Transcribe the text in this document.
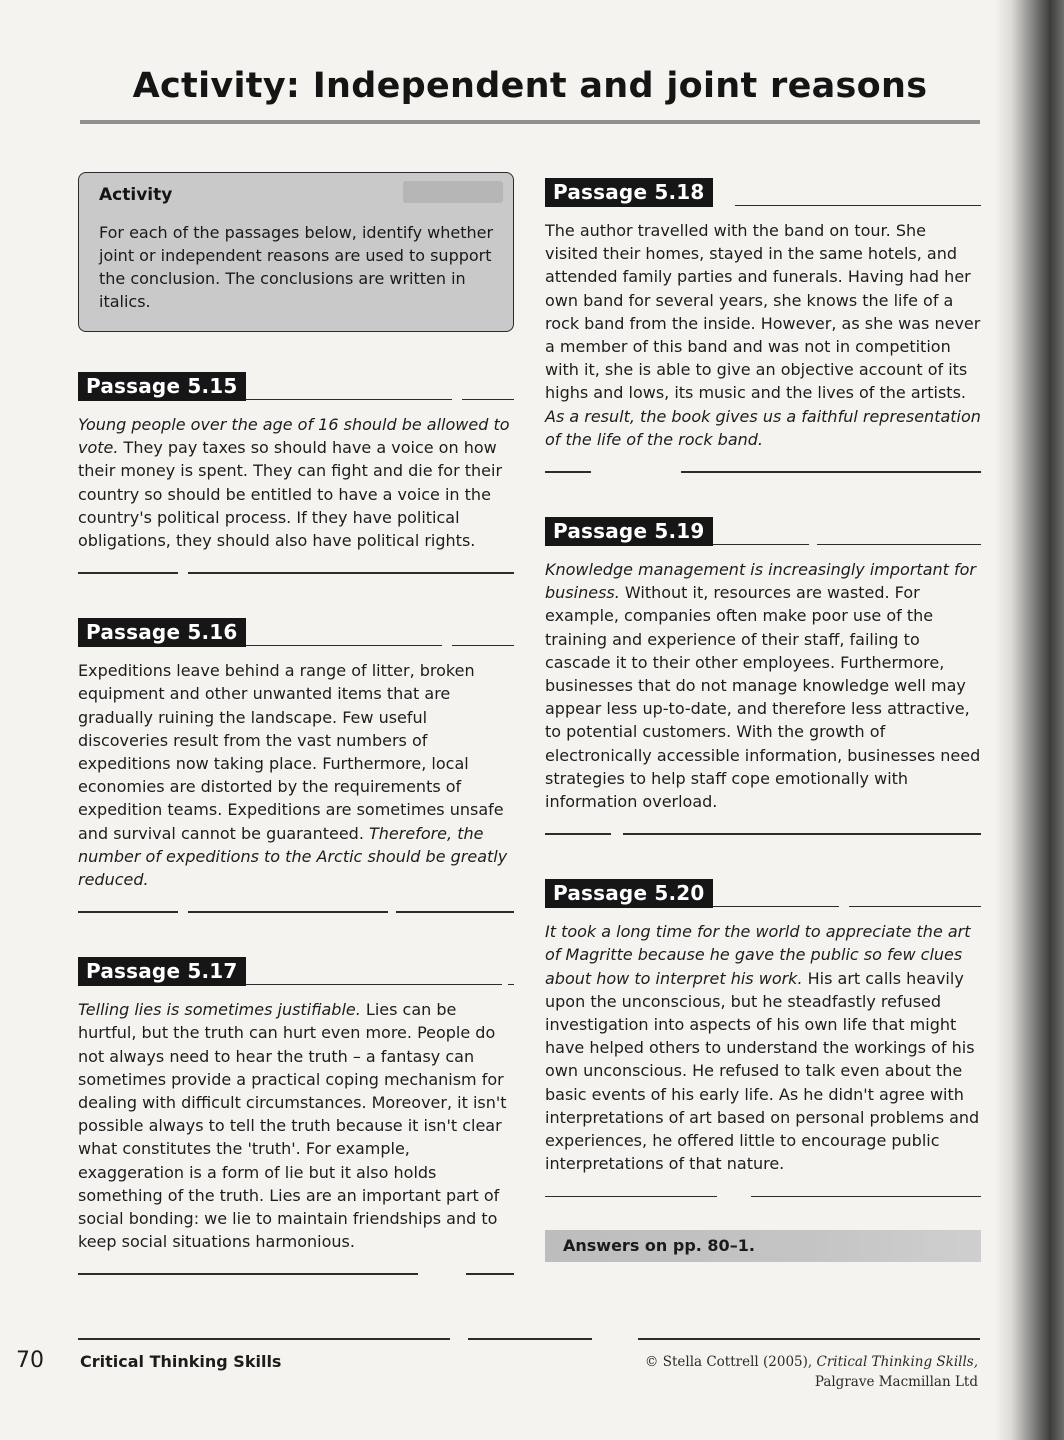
Activity: Independent and joint reasons
Activity

For each of the passages below, identify whether joint or independent reasons are used to support the conclusion. The conclusions are written in italics.

Passage 5.15

Young people over the age of 16 should be allowed to vote. They pay taxes so should have a voice on how their money is spent. They can fight and die for their country so should be entitled to have a voice in the country's political process. If they have political obligations, they should also have political rights.

Passage 5.16

Expeditions leave behind a range of litter, broken equipment and other unwanted items that are gradually ruining the landscape. Few useful discoveries result from the vast numbers of expeditions now taking place. Furthermore, local economies are distorted by the requirements of expedition teams. Expeditions are sometimes unsafe and survival cannot be guaranteed. Therefore, the number of expeditions to the Arctic should be greatly reduced.

Passage 5.17

Telling lies is sometimes justifiable. Lies can be hurtful, but the truth can hurt even more. People do not always need to hear the truth – a fantasy can sometimes provide a practical coping mechanism for dealing with difficult circumstances. Moreover, it isn't possible always to tell the truth because it isn't clear what constitutes the 'truth'. For example, exaggeration is a form of lie but it also holds something of the truth. Lies are an important part of social bonding: we lie to maintain friendships and to keep social situations harmonious.

Passage 5.18

The author travelled with the band on tour. She visited their homes, stayed in the same hotels, and attended family parties and funerals. Having had her own band for several years, she knows the life of a rock band from the inside. However, as she was never a member of this band and was not in competition with it, she is able to give an objective account of its highs and lows, its music and the lives of the artists. As a result, the book gives us a faithful representation of the life of the rock band.

Passage 5.19

Knowledge management is increasingly important for business. Without it, resources are wasted. For example, companies often make poor use of the training and experience of their staff, failing to cascade it to their other employees. Furthermore, businesses that do not manage knowledge well may appear less up-to-date, and therefore less attractive, to potential customers. With the growth of electronically accessible information, businesses need strategies to help staff cope emotionally with information overload.

Passage 5.20

It took a long time for the world to appreciate the art of Magritte because he gave the public so few clues about how to interpret his work. His art calls heavily upon the unconscious, but he steadfastly refused investigation into aspects of his own life that might have helped others to understand the workings of his own unconscious. He refused to talk even about the basic events of his early life. As he didn't agree with interpretations of art based on personal problems and experiences, he offered little to encourage public interpretations of that nature.

Answers on pp. 80–1.
70 Critical Thinking Skills	© Stella Cottrell (2005), Critical Thinking Skills,
Palgrave Macmillan Ltd
